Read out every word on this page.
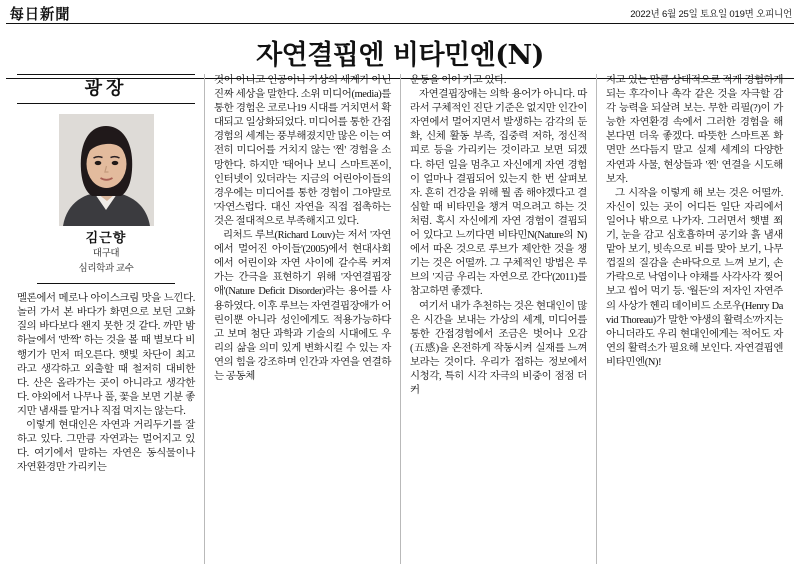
每日新聞	2022년 6월 25일 토요일 019면 오피니언
자연결핍엔 비타민엔(N)
광장
김근향
대구대
심리학과 교수

멜론에서 메로나 아이스크림 맛을 느낀다. 놀러 가서 본 바다가 화면으로 보던 고화질의 바다보다 왠지 못한 것 같다. 까만 밤하늘에서 '반짝' 하는 것을 볼 때 별보다 비행기가 먼저 떠오른다. 햇빛 차단이 최고라고 생각하고 외출할 때 철저히 대비한다. 산은 올라가는 곳이 아니라고 생각한다. 야외에서 나무나 풀, 꽃을 보면 기분 좋지만 냄새를 맡거나 직접 먹지는 않는다.

이렇게 현대인은 자연과 거리두기를 잘하고 있다. 그만큼 자연과는 멀어지고 있다. 여기에서 말하는 자연은 동식물이나 자연환경만 가리키는

것이 아니고 인공이나 가상의 세계가 아닌 진짜 세상을 말한다. 소위 미디어(media)를 통한 경험은 코로나19 시대를 거치면서 확대되고 일상화되었다. 미디어를 통한 간접경험의 세계는 풍부해졌지만 많은 이는 여전히 미디어를 거치지 않는 '찐' 경험을 소망한다. 하지만 '태어나 보니 스마트폰이, 인터넷이 있더라'는 지금의 어린아이들의 경우에는 미디어를 통한 경험이 그야말로 '자연스럽다. 대신 자연을 직접 접촉하는 것은 절대적으로 부족해지고 있다.

리처드 루브(Richard Louv)는 저서 '자연에서 멀어진 아이들'(2005)에서 현대사회에서 어린이와 자연 사이에 갈수록 커져 가는 간극을 표현하기 위해 '자연결핍장애'(Nature Deficit Disorder)라는 용어를 사용하였다. 이후 루브는 자연결핍장애가 어린이뿐 아니라 성인에게도 적용가능하다고 보며 첨단 과학과 기술의 시대에도 우리의 삶을 의미 있게 변화시킬 수 있는 자연의 힘을 강조하며 인간과 자연을 연결하는 공동체

운동을 이어 가고 있다.

자연결핍장애는 의학 용어가 아니다. 따라서 구체적인 진단 기준은 없지만 인간이 자연에서 멀어지면서 발생하는 감각의 둔화, 신체 활동 부족, 집중력 저하, 정신적 피로 등을 가리키는 것이라고 보면 되겠다. 하던 일을 멈추고 자신에게 자연 경험이 얼마나 결핍되어 있는지 한 번 살펴보자. 흔히 건강을 위해 뭘 좀 해야겠다고 결심할 때 비타민을 챙겨 먹으려고 하는 것처럼. 혹시 자신에게 자연 경험이 결핍되어 있다고 느끼다면 비타민N(Nature의 N)에서 따온 것으로 루브가 제안한 것을 챙기는 것은 어떨까. 그 구체적인 방법은 루브의 '지금 우리는 자연으로 간다'(2011)를 참고하면 좋겠다.

여기서 내가 추천하는 것은 현대인이 많은 시간을 보내는 가상의 세계, 미디어를 통한 간접경험에서 조금은 벗어나 오감(五感)을 온전하게 작동시켜 실재를 느껴 보라는 것이다. 우리가 접하는 정보에서 시청각, 특히 시각 자극의 비중이 점점 더 커

지고 있는 만큼 상대적으로 적게 경험하게 되는 후각이나 촉각 같은 것을 자극할 감각 능력을 되살려 보는. 무한 리필(?)이 가능한 자연환경 속에서 그러한 경험을 해 본다면 더욱 좋겠다. 따뜻한 스마트폰 화면만 쓰다듬지 말고 실제 세계의 다양한 자연과 사물, 현상들과 '찐' 연결을 시도해 보자.

그 시작을 이렇게 해 보는 것은 어떨까. 자신이 있는 곳이 어디든 일단 자리에서 일어나 밖으로 나가자. 그러면서 햇볕 쬐기, 눈을 감고 심호흡하며 공기와 흙 냄새 맡아 보기, 빗속으로 비를 맞아 보기, 나무껍질의 질감을 손바닥으로 느껴 보기, 손가락으로 낙엽이나 야채를 사각사각 찢어 보고 씹어 먹기 등. '월든'의 저자인 자연주의 사상가 헨리 데이비드 소로우(Henry David Thoreau)가 말한 '야생의 활력소'까지는 아니더라도 우리 현대인에게는 적어도 자연의 활력소가 필요해 보인다. 자연결핍엔 비타민엔(N)!
